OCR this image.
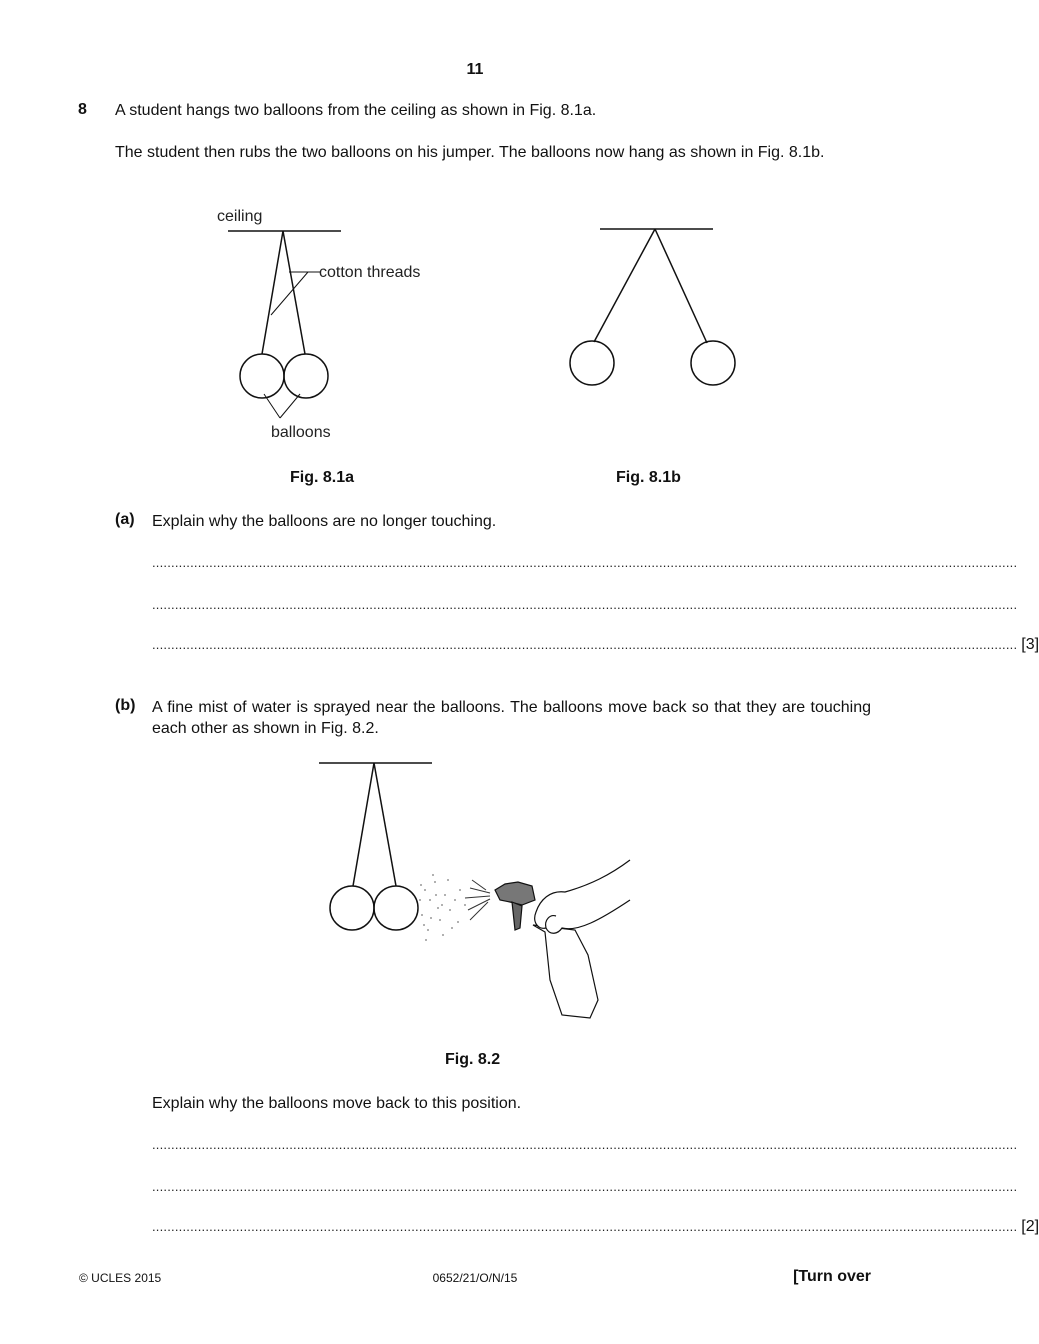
11
8 A student hangs two balloons from the ceiling as shown in Fig. 8.1a.
The student then rubs the two balloons on his jumper. The balloons now hang as shown in Fig. 8.1b.
ceiling
cotton threads
balloons
Fig. 8.1a	Fig. 8.1b
(a) Explain why the balloons are no longer touching.
...................................................................................................................................................................................................................................
...................................................................................................................................................................................................................................
................................................................................................................................................................................................................................... [3]
(b) A fine mist of water is sprayed near the balloons. The balloons move back so that they are touching each other as shown in Fig. 8.2.
Fig. 8.2
Explain why the balloons move back to this position.
...................................................................................................................................................................................................................................
...................................................................................................................................................................................................................................
................................................................................................................................................................................................................................... [2]
© UCLES 2015	0652/21/O/N/15	[Turn over
